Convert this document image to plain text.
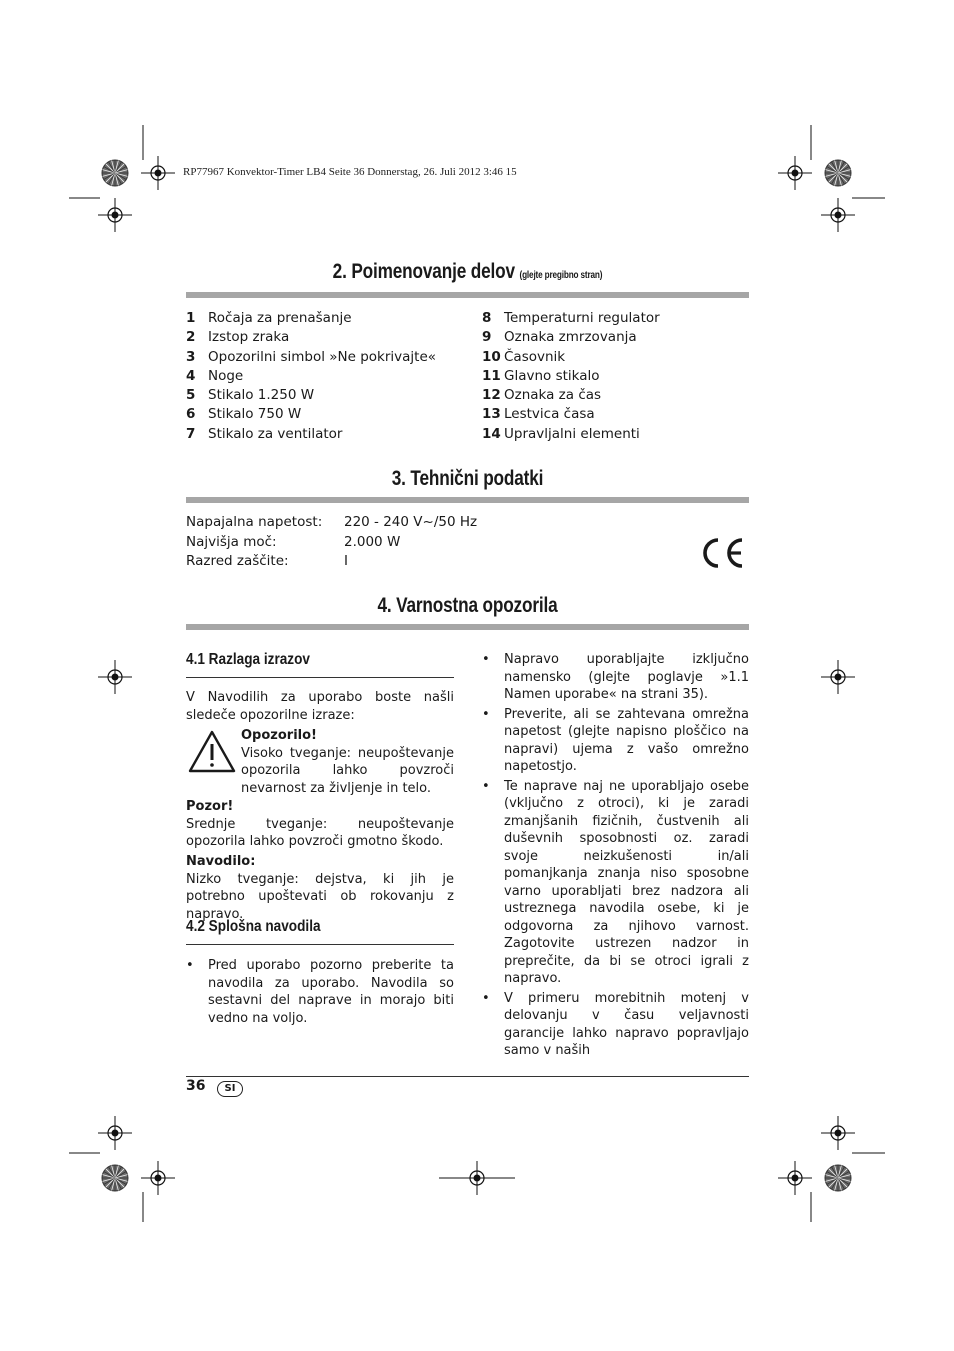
RP77967 Konvektor-Timer LB4 Seite 36 Donnerstag, 26. Juli 2012 3:46 15
2. Poimenovanje delov (glejte pregibno stran)
1 Ročaja za prenašanje
2 Izstop zraka
3 Opozorilni simbol »Ne pokrivajte«
4 Noge
5 Stikalo 1.250 W
6 Stikalo 750 W
7 Stikalo za ventilator
8 Temperaturni regulator
9 Oznaka zmrzovanja
10 Časovnik
11 Glavno stikalo
12 Oznaka za čas
13 Lestvica časa
14 Upravljalni elementi
3. Tehnični podatki
Napajalna napetost: 220 - 240 V~/50 Hz
Najvišja moč:	2.000 W
Razred zaščite:	I
4. Varnostna opozorila
4.1 Razlaga izrazov
V Navodilih za uporabo boste našli sledeče opozorilne izraze:
Opozorilo!
Visoko tveganje: neupoštevanje opozorila lahko povzroči nevarnost za življenje in telo.
Pozor!
Srednje tveganje: neupoštevanje opozorila lahko povzroči gmotno škodo.
Navodilo:
Nizko tveganje: dejstva, ki jih je potrebno upoštevati ob rokovanju z napravo.
4.2 Splošna navodila
• Pred uporabo pozorno preberite ta navodila za uporabo. Navodila so sestavni del naprave in morajo biti vedno na voljo.
• Napravo uporabljajte izključno namensko (glejte poglavje »1.1 Namen uporabe« na strani 35).
• Preverite, ali se zahtevana omrežna napetost (glejte napisno ploščico na napravi) ujema z vašo omrežno napetostjo.
• Te naprave naj ne uporabljajo osebe (vključno z otroci), ki je zaradi zmanjšanih fizičnih, čustvenih ali duševnih sposobnosti oz. zaradi svoje neizkušenosti in/ali pomanjkanja znanja niso sposobne varno uporabljati brez nadzora ali ustreznega navodila osebe, ki je odgovorna za njihovo varnost. Zagotovite ustrezen nadzor in preprečite, da bi se otroci igrali z napravo.
• V primeru morebitnih motenj v delovanju v času veljavnosti garancije lahko napravo popravljajo samo v naših
36	SI
